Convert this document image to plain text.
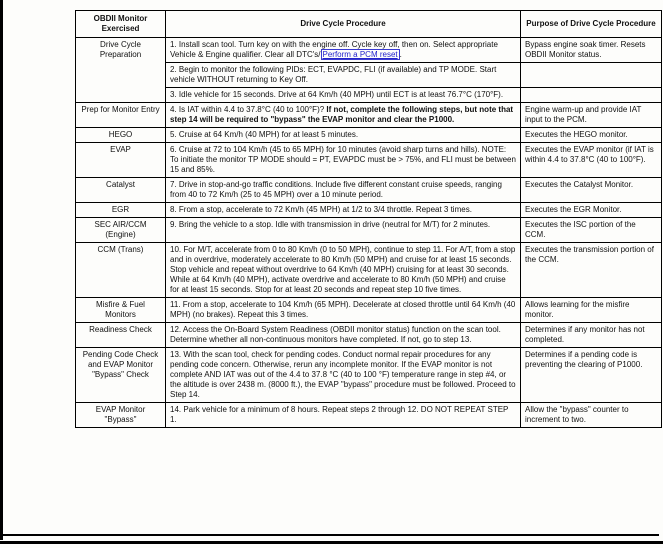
OBDII Monitor Exercised	Drive Cycle Procedure	Purpose of Drive Cycle Procedure
Drive Cycle Preparation	1. Install scan tool. Turn key on with the engine off. Cycle key off, then on. Select appropriate Vehicle & Engine qualifier. Clear all DTC's/ Perform a PCM reset .	Bypass engine soak timer. Resets OBDII Monitor status.
	2. Begin to monitor the following PIDs: ECT, EVAPDC, FLI (if available) and TP MODE. Start vehicle WITHOUT returning to Key Off.	
	3. Idle vehicle for 15 seconds. Drive at 64 Km/h (40 MPH) until ECT is at least 76.7°C (170°F).	
Prep for Monitor Entry	4. Is IAT within 4.4 to 37.8°C (40 to 100°F)? If not, complete the following steps, but note that step 14 will be required to "bypass" the EVAP monitor and clear the P1000.	Engine warm-up and provide IAT input to the PCM.
HEGO	5. Cruise at 64 Km/h (40 MPH) for at least 5 minutes.	Executes the HEGO monitor.
EVAP	6. Cruise at 72 to 104 Km/h (45 to 65 MPH) for 10 minutes (avoid sharp turns and hills). NOTE: To initiate the monitor TP MODE should = PT, EVAPDC must be > 75%, and FLI must be between 15 and 85%.	Executes the EVAP monitor (if IAT is within 4.4 to 37.8°C (40 to 100°F).
Catalyst	7. Drive in stop-and-go traffic conditions. Include five different constant cruise speeds, ranging from 40 to 72 Km/h (25 to 45 MPH) over a 10 minute period.	Executes the Catalyst Monitor.
EGR	8. From a stop, accelerate to 72 Km/h (45 MPH) at 1/2 to 3/4 throttle. Repeat 3 times.	Executes the EGR Monitor.
SEC AIR/CCM (Engine)	9. Bring the vehicle to a stop. Idle with transmission in drive (neutral for M/T) for 2 minutes.	Executes the ISC portion of the CCM.
CCM (Trans)	10. For M/T, accelerate from 0 to 80 Km/h (0 to 50 MPH), continue to step 11. For A/T, from a stop and in overdrive, moderately accelerate to 80 Km/h (50 MPH) and cruise for at least 15 seconds. Stop vehicle and repeat without overdrive to 64 Km/h (40 MPH) cruising for at least 30 seconds. While at 64 Km/h (40 MPH), activate overdrive and accelerate to 80 Km/h (50 MPH) and cruise for at least 15 seconds. Stop for at least 20 seconds and repeat step 10 five times.	Executes the transmission portion of the CCM.
Misfire & Fuel Monitors	11. From a stop, accelerate to 104 Km/h (65 MPH). Decelerate at closed throttle until 64 Km/h (40 MPH) (no brakes). Repeat this 3 times.	Allows learning for the misfire monitor.
Readiness Check	12. Access the On-Board System Readiness (OBDII monitor status) function on the scan tool. Determine whether all non-continuous monitors have completed. If not, go to step 13.	Determines if any monitor has not completed.
Pending Code Check and EVAP Monitor "Bypass" Check	13. With the scan tool, check for pending codes. Conduct normal repair procedures for any pending code concern. Otherwise, rerun any incomplete monitor. If the EVAP monitor is not complete AND IAT was out of the 4.4 to 37.8 °C (40 to 100 °F) temperature range in step #4, or the altitude is over 2438 m. (8000 ft.), the EVAP "bypass" procedure must be followed. Proceed to Step 14.	Determines if a pending code is preventing the clearing of P1000.
EVAP Monitor "Bypass"	14. Park vehicle for a minimum of 8 hours. Repeat steps 2 through 12. DO NOT REPEAT STEP 1.	Allow the "bypass" counter to increment to two.
